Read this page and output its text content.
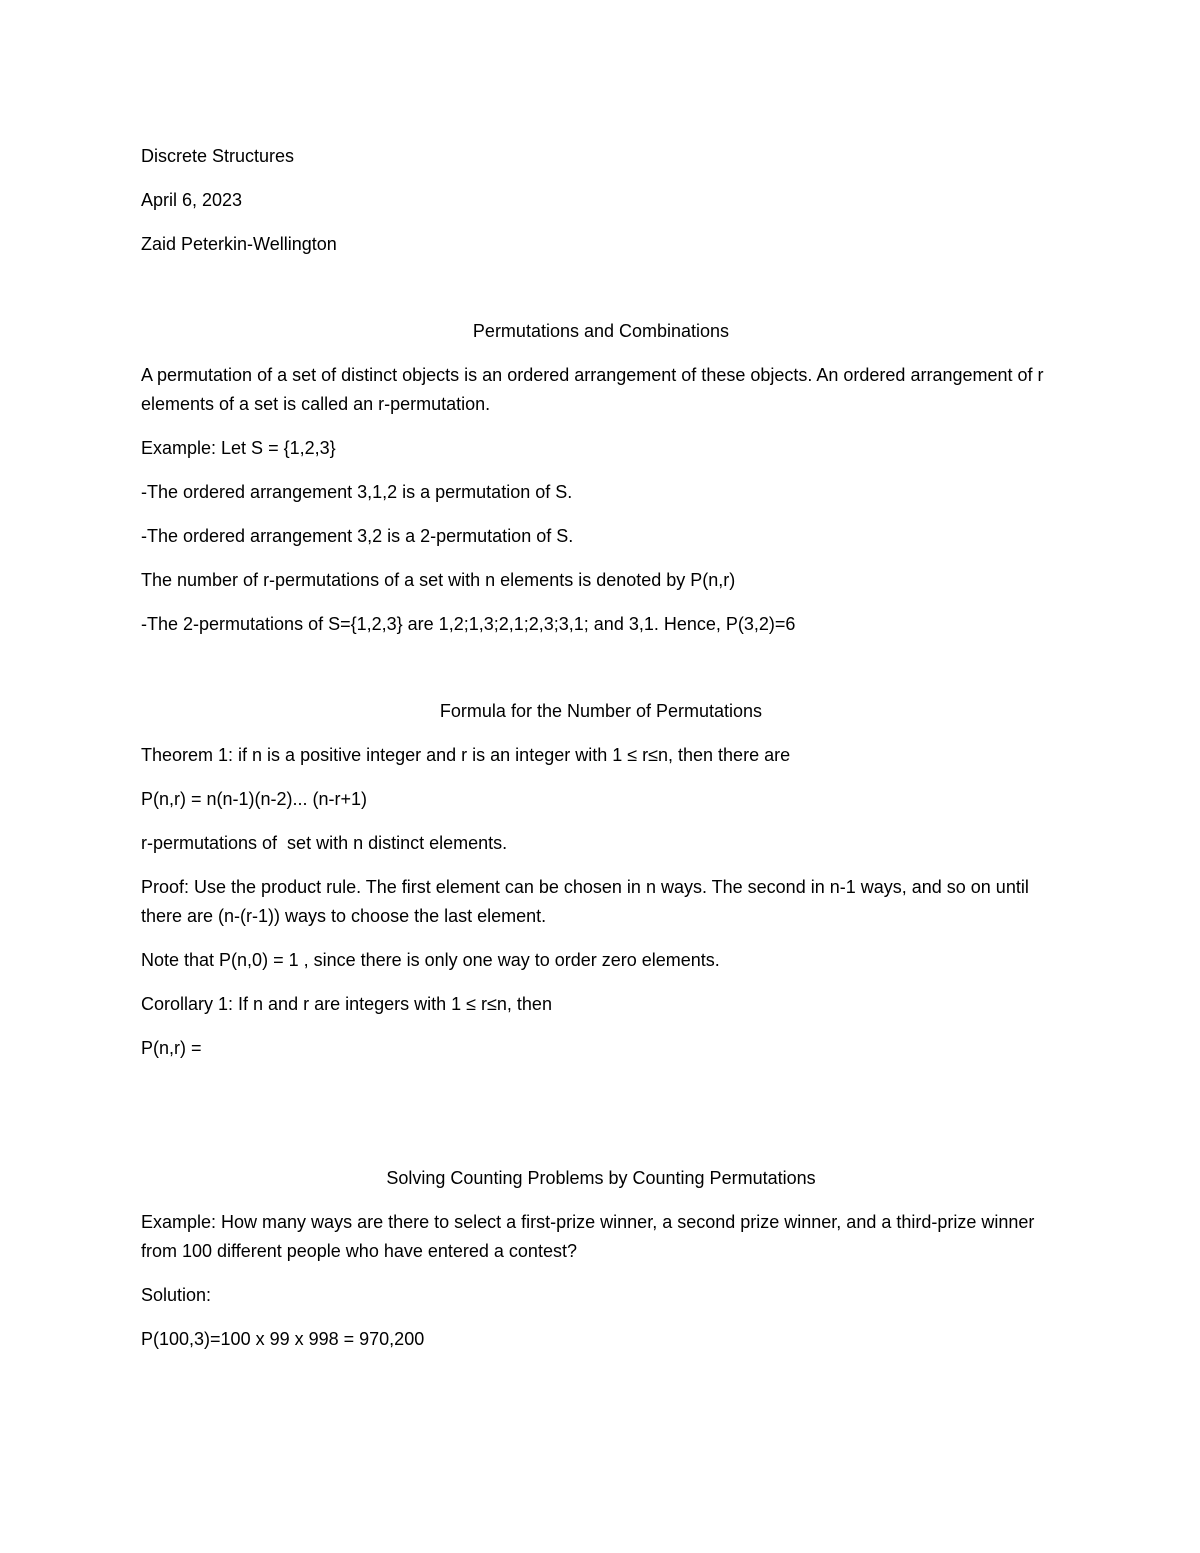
Discrete Structures

April 6, 2023

Zaid Peterkin-Wellington

Permutations and Combinations

A permutation of a set of distinct objects is an ordered arrangement of these objects. An ordered arrangement of r elements of a set is called an r-permutation.

Example: Let S = {1,2,3}

-The ordered arrangement 3,1,2 is a permutation of S.

-The ordered arrangement 3,2 is a 2-permutation of S.

The number of r-permutations of a set with n elements is denoted by P(n,r)

-The 2-permutations of S={1,2,3} are 1,2;1,3;2,1;2,3;3,1; and 3,1. Hence, P(3,2)=6

Formula for the Number of Permutations

Theorem 1: if n is a positive integer and r is an integer with 1 ≤ r≤n, then there are

P(n,r) = n(n-1)(n-2)... (n-r+1)

r-permutations of  set with n distinct elements.

Proof: Use the product rule. The first element can be chosen in n ways. The second in n-1 ways, and so on until there are (n-(r-1)) ways to choose the last element.

Note that P(n,0) = 1 , since there is only one way to order zero elements.

Corollary 1: If n and r are integers with 1 ≤ r≤n, then

P(n,r) =

Solving Counting Problems by Counting Permutations

Example: How many ways are there to select a first-prize winner, a second prize winner, and a third-prize winner from 100 different people who have entered a contest?

Solution:

P(100,3)=100 x 99 x 998 = 970,200
